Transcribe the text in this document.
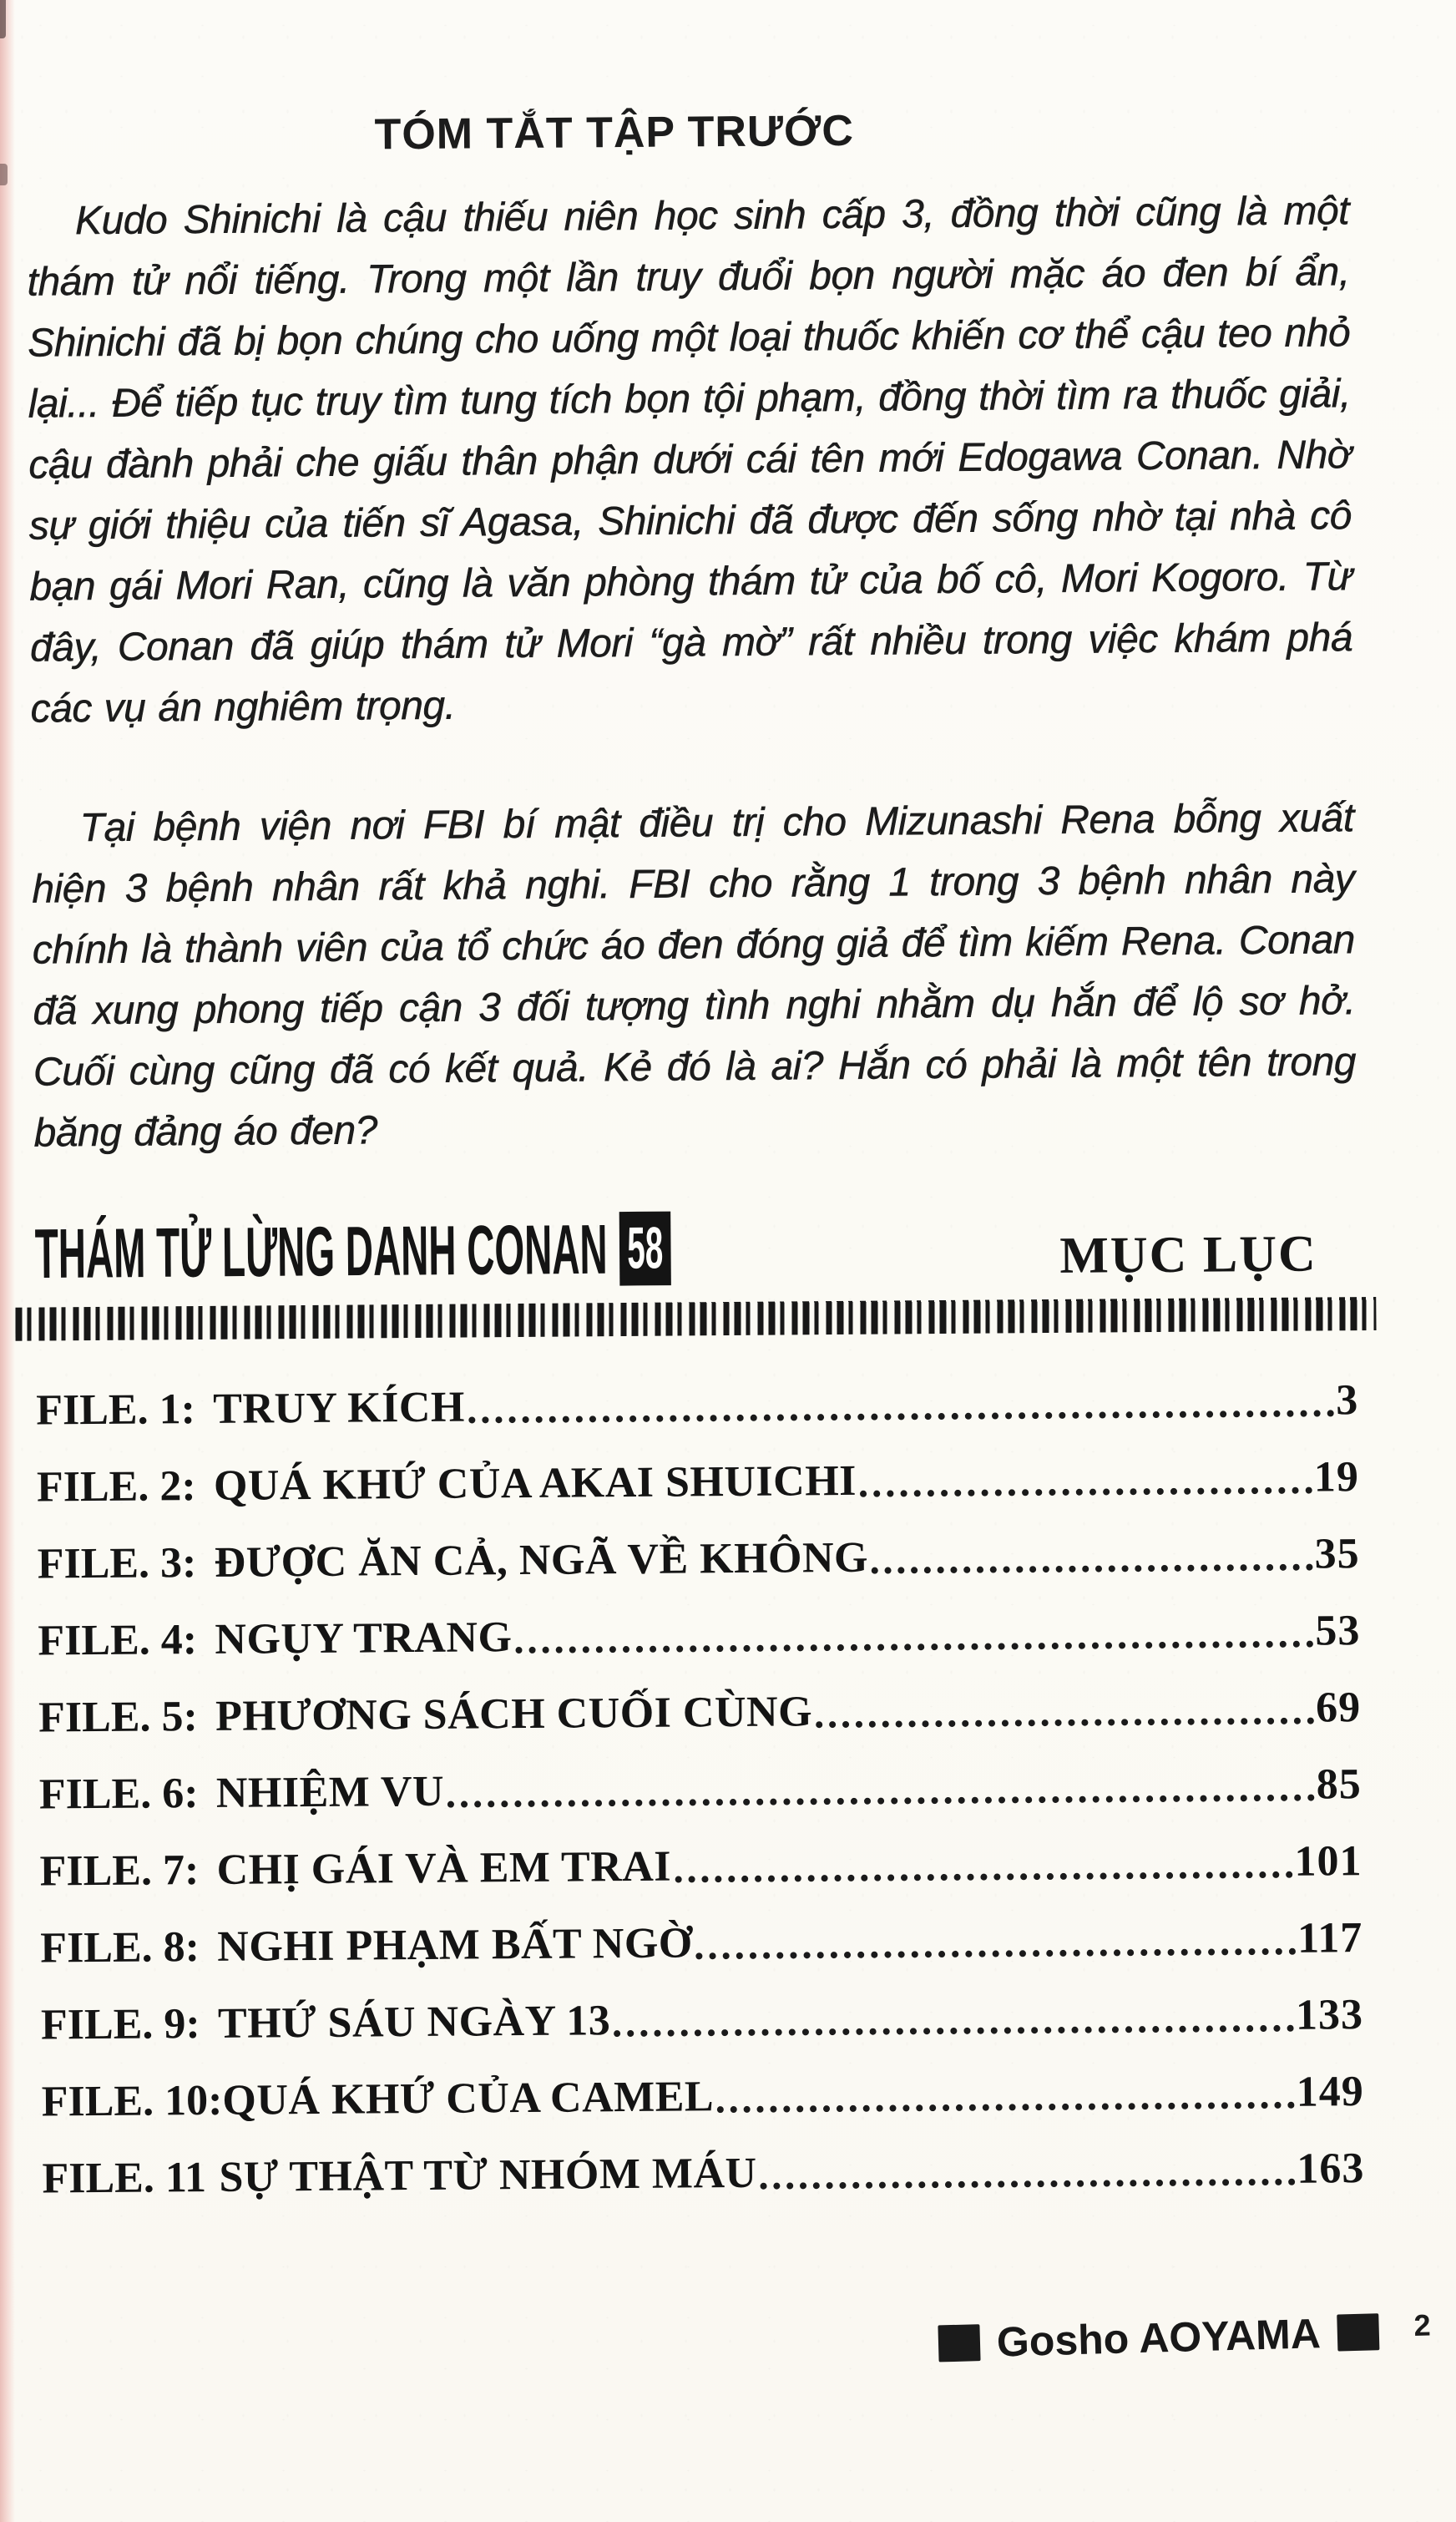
TÓM TẮT TẬP TRƯỚC

Kudo Shinichi là cậu thiếu niên học sinh cấp 3, đồng thời cũng là một thám tử nổi tiếng. Trong một lần truy đuổi bọn người mặc áo đen bí ẩn, Shinichi đã bị bọn chúng cho uống một loại thuốc khiến cơ thể cậu teo nhỏ lại... Để tiếp tục truy tìm tung tích bọn tội phạm, đồng thời tìm ra thuốc giải, cậu đành phải che giấu thân phận dưới cái tên mới Edogawa Conan. Nhờ sự giới thiệu của tiến sĩ Agasa, Shinichi đã được đến sống nhờ tại nhà cô bạn gái Mori Ran, cũng là văn phòng thám tử của bố cô, Mori Kogoro. Từ đây, Conan đã giúp thám tử Mori “gà mờ” rất nhiều trong việc khám phá các vụ án nghiêm trọng.

Tại bệnh viện nơi FBI bí mật điều trị cho Mizunashi Rena bỗng xuất hiện 3 bệnh nhân rất khả nghi. FBI cho rằng 1 trong 3 bệnh nhân này chính là thành viên của tổ chức áo đen đóng giả để tìm kiếm Rena. Conan đã xung phong tiếp cận 3 đối tượng tình nghi nhằm dụ hắn để lộ sơ hở. Cuối cùng cũng đã có kết quả. Kẻ đó là ai? Hắn có phải là một tên trong băng đảng áo đen?

THÁM TỬ LỪNG DANH CONAN 58	MỤC LỤC
FILE. 1: TRUY KÍCH	3
FILE. 2: QUÁ KHỨ CỦA AKAI SHUICHI	19
FILE. 3: ĐƯỢC ĂN CẢ, NGÃ VỀ KHÔNG	35
FILE. 4: NGỤY TRANG	53
FILE. 5: PHƯƠNG SÁCH CUỐI CÙNG	69
FILE. 6: NHIỆM VU	85
FILE. 7: CHỊ GÁI VÀ EM TRAI	101
FILE. 8: NGHI PHẠM BẤT NGỜ	117
FILE. 9: THỨ SÁU NGÀY 13	133
FILE. 10: QUÁ KHỨ CỦA CAMEL	149
FILE. 11 SỰ THẬT TỪ NHÓM MÁU	163
Gosho AOYAMA	2
